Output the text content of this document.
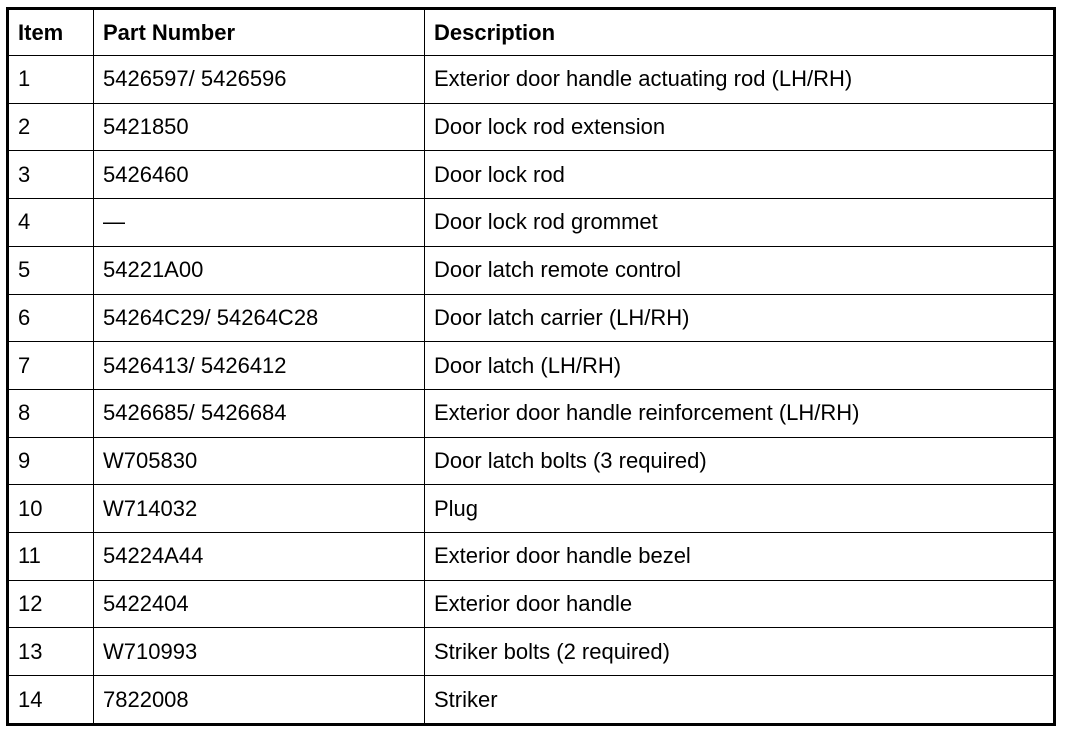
Item	Part Number	Description
1	5426597/ 5426596	Exterior door handle actuating rod (LH/RH)
2	5421850	Door lock rod extension
3	5426460	Door lock rod
4	—	Door lock rod grommet
5	54221A00	Door latch remote control
6	54264C29/ 54264C28	Door latch carrier (LH/RH)
7	5426413/ 5426412	Door latch (LH/RH)
8	5426685/ 5426684	Exterior door handle reinforcement (LH/RH)
9	W705830	Door latch bolts (3 required)
10	W714032	Plug
11	54224A44	Exterior door handle bezel
12	5422404	Exterior door handle
13	W710993	Striker bolts (2 required)
14	7822008	Striker
